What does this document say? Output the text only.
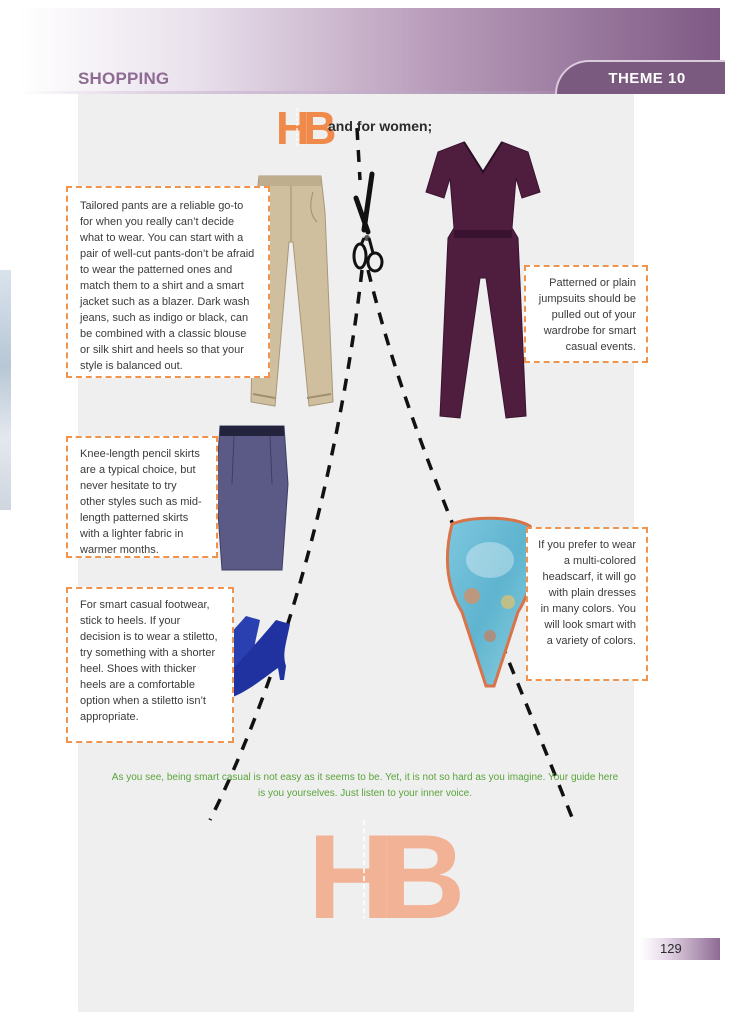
SHOPPING	THEME 10
HB
and for women;
Tailored pants are a reliable go-to for when you really can’t decide what to wear. You can start with a pair of well-cut pants-don’t be afraid to wear the patterned ones and match them to a shirt and a smart jacket such as a blazer. Dark wash jeans, such as indigo or black, can be combined with a classic blouse or silk shirt and heels so that your style is balanced out.
Patterned or plain jumpsuits should be pulled out of your wardrobe for smart casual events.
Knee-length pencil skirts are a typical choice, but never hesitate to try other styles such as mid-length patterned skirts with a lighter fabric in warmer months.	If you prefer to wear a multi-colored headscarf, it will go with plain dresses in many colors. You will look smart with a variety of colors.
For smart casual footwear, stick to heels. If your decision is to wear a stiletto, try something with a shorter heel. Shoes with thicker heels are a comfortable option when a stiletto isn’t appropriate.
As you see, being smart casual is not easy as it seems to be. Yet, it is not so hard as you imagine. Your guide here is you yourselves. Just listen to your inner voice.
HB
129
